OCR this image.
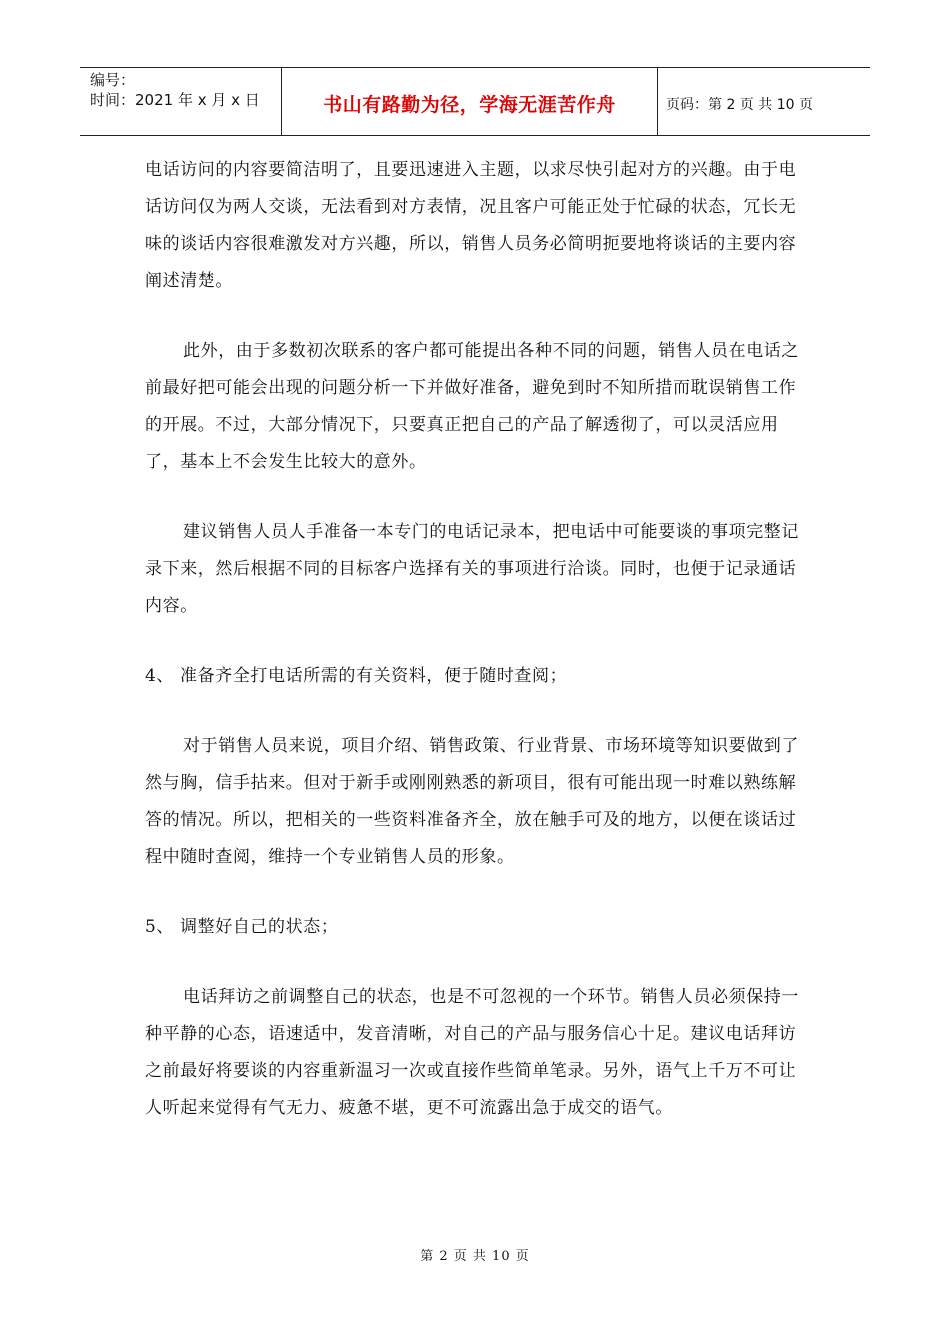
编号：
时间：2021 年 x 月 x 日	书山有路勤为径，学海无涯苦作舟	页码：第 2 页 共 10 页

电话访问的内容要简洁明了，且要迅速进入主题，以求尽快引起对方的兴趣。由于电话访问仅为两人交谈，无法看到对方表情，况且客户可能正处于忙碌的状态，冗长无味的谈话内容很难激发对方兴趣，所以，销售人员务必简明扼要地将谈话的主要内容阐述清楚。

此外，由于多数初次联系的客户都可能提出各种不同的问题，销售人员在电话之前最好把可能会出现的问题分析一下并做好准备，避免到时不知所措而耽误销售工作的开展。不过，大部分情况下，只要真正把自己的产品了解透彻了，可以灵活应用了，基本上不会发生比较大的意外。

建议销售人员人手准备一本专门的电话记录本，把电话中可能要谈的事项完整记录下来，然后根据不同的目标客户选择有关的事项进行洽谈。同时，也便于记录通话内容。

4、 准备齐全打电话所需的有关资料，便于随时查阅；

对于销售人员来说，项目介绍、销售政策、行业背景、市场环境等知识要做到了然与胸，信手拈来。但对于新手或刚刚熟悉的新项目，很有可能出现一时难以熟练解答的情况。所以，把相关的一些资料准备齐全，放在触手可及的地方，以便在谈话过程中随时查阅，维持一个专业销售人员的形象。

5、 调整好自己的状态；

电话拜访之前调整自己的状态，也是不可忽视的一个环节。销售人员必须保持一种平静的心态，语速适中，发音清晰，对自己的产品与服务信心十足。建议电话拜访之前最好将要谈的内容重新温习一次或直接作些简单笔录。另外，语气上千万不可让人听起来觉得有气无力、疲惫不堪，更不可流露出急于成交的语气。

第 2 页 共 10 页
